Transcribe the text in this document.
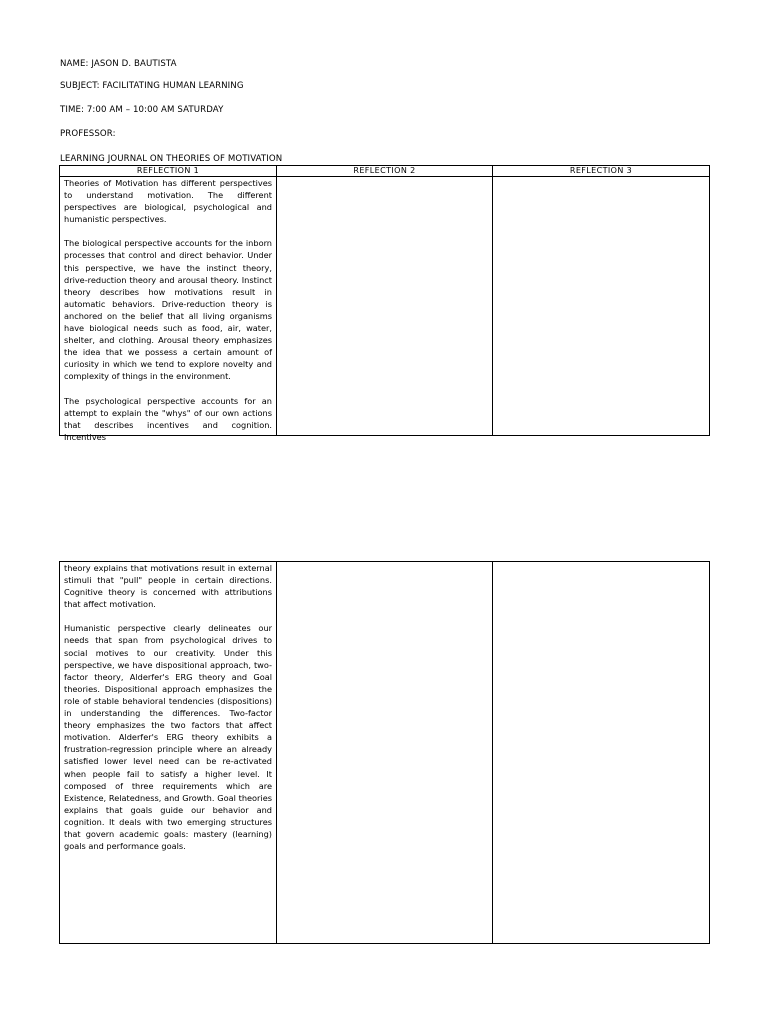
NAME: JASON D. BAUTISTA
SUBJECT: FACILITATING HUMAN LEARNING
TIME: 7:00 AM – 10:00 AM SATURDAY
PROFESSOR:
LEARNING JOURNAL ON THEORIES OF MOTIVATION
REFLECTION 1	REFLECTION 2	REFLECTION 3

Theories of Motivation has different perspectives to understand motivation. The different perspectives are biological, psychological and humanistic perspectives.

The biological perspective accounts for the inborn processes that control and direct behavior. Under this perspective, we have the instinct theory, drive-reduction theory and arousal theory. Instinct theory describes how motivations result in automatic behaviors. Drive-reduction theory is anchored on the belief that all living organisms have biological needs such as food, air, water, shelter, and clothing. Arousal theory emphasizes the idea that we possess a certain amount of curiosity in which we tend to explore novelty and complexity of things in the environment.

The psychological perspective accounts for an attempt to explain the "whys" of our own actions that describes incentives and cognition. Incentives		

theory explains that motivations result in external stimuli that "pull" people in certain directions. Cognitive theory is concerned with attributions that affect motivation.

Humanistic perspective clearly delineates our needs that span from psychological drives to social motives to our creativity. Under this perspective, we have dispositional approach, two-factor theory, Alderfer's ERG theory and Goal theories. Dispositional approach emphasizes the role of stable behavioral tendencies (dispositions) in understanding the differences. Two-factor theory emphasizes the two factors that affect motivation. Alderfer's ERG theory exhibits a frustration-regression principle where an already satisfied lower level need can be re-activated when people fail to satisfy a higher level. It composed of three requirements which are Existence, Relatedness, and Growth. Goal theories explains that goals guide our behavior and cognition. It deals with two emerging structures that govern academic goals: mastery (learning) goals and performance goals.
